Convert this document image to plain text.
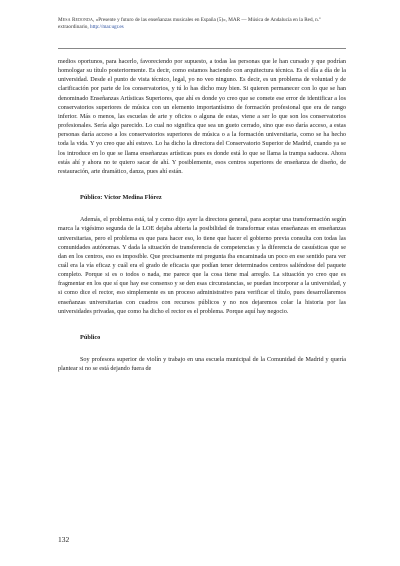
Mesa Redonda, «Presente y futuro de las enseñanzas musicales en España (5)», MAR — Música de Andalucía en la Red, n.º extraordinario, http://mar.ugr.es

medios oportunos, para hacerlo, favoreciendo por supuesto, a todas las personas que le han cursado y que podrían homologar su título posteriormente. Es decir, como estamos haciendo con arquitectura técnica. Es el día a día de la universidad. Desde el punto de vista técnico, legal, yo no veo ninguno. Es decir, es un problema de voluntad y de clarificación por parte de los conservatorios, y tú lo has dicho muy bien. Si quieren permanecer con lo que se han denominado Enseñanzas Artísticas Superiores, que ahí es donde yo creo que se comete ese error de identificar a los conservatorios superiores de música con un elemento importantísimo de formación profesional que era de rango inferior. Más o menos, las escuelas de arte y oficios o alguna de estas, viene a ser lo que son los conservatorios profesionales. Sería algo parecido. Lo cual no significa que sea un gueto cerrado, sino que eso daría acceso, a estas personas daría acceso a los conservatorios superiores de música o a la formación universitaria, como se ha hecho toda la vida. Y yo creo que ahí estuvo. Lo ha dicho la directora del Conservatorio Superior de Madrid, cuando ya se los introduce en lo que se llama enseñanzas artísticas pues es donde está lo que se llama la trampa saducea. Ahora estás ahí y ahora no te quiero sacar de ahí. Y posiblemente, esos centros superiores de enseñanza de diseño, de restauración, arte dramático, danza, pues ahí están.

Público: Víctor Medina Flórez

Además, el problema está, tal y como dijo ayer la directora general, para aceptar una transformación según marca la vigésimo segunda de la LOE dejaba abierta la posibilidad de transformar estas enseñanzas en enseñanzas universitarias, pero el problema es que para hacer eso, lo tiene que hacer el gobierno previa consulta con todas las comunidades autónomas. Y dada la situación de transferencia de competencias y la diferencia de casuísticas que se dan en los centros, eso es imposible. Que precisamente mi pregunta iba encaminada un poco en ese sentido para ver cuál era la vía eficaz y cuál era el grado de eficacia que podían tener determinados centros saliéndose del paquete completo. Porque si es o todos o nada, me parece que la cosa tiene mal arreglo. La situación yo creo que es fragmentar en los que sí que hay ese consenso y se den esas circunstancias, se puedan incorporar a la universidad, y si como dice el rector, eso simplemente es un proceso administrativo para verificar el título, pues desarrollaremos enseñanzas universitarias con cuadros con recursos públicos y no nos dejaremos colar la historia por las universidades privadas, que como ha dicho el rector es el problema. Porque aquí hay negocio.

Público

Soy profesora superior de violín y trabajo en una escuela municipal de la Comunidad de Madrid y quería plantear si no se está dejando fuera de

132
